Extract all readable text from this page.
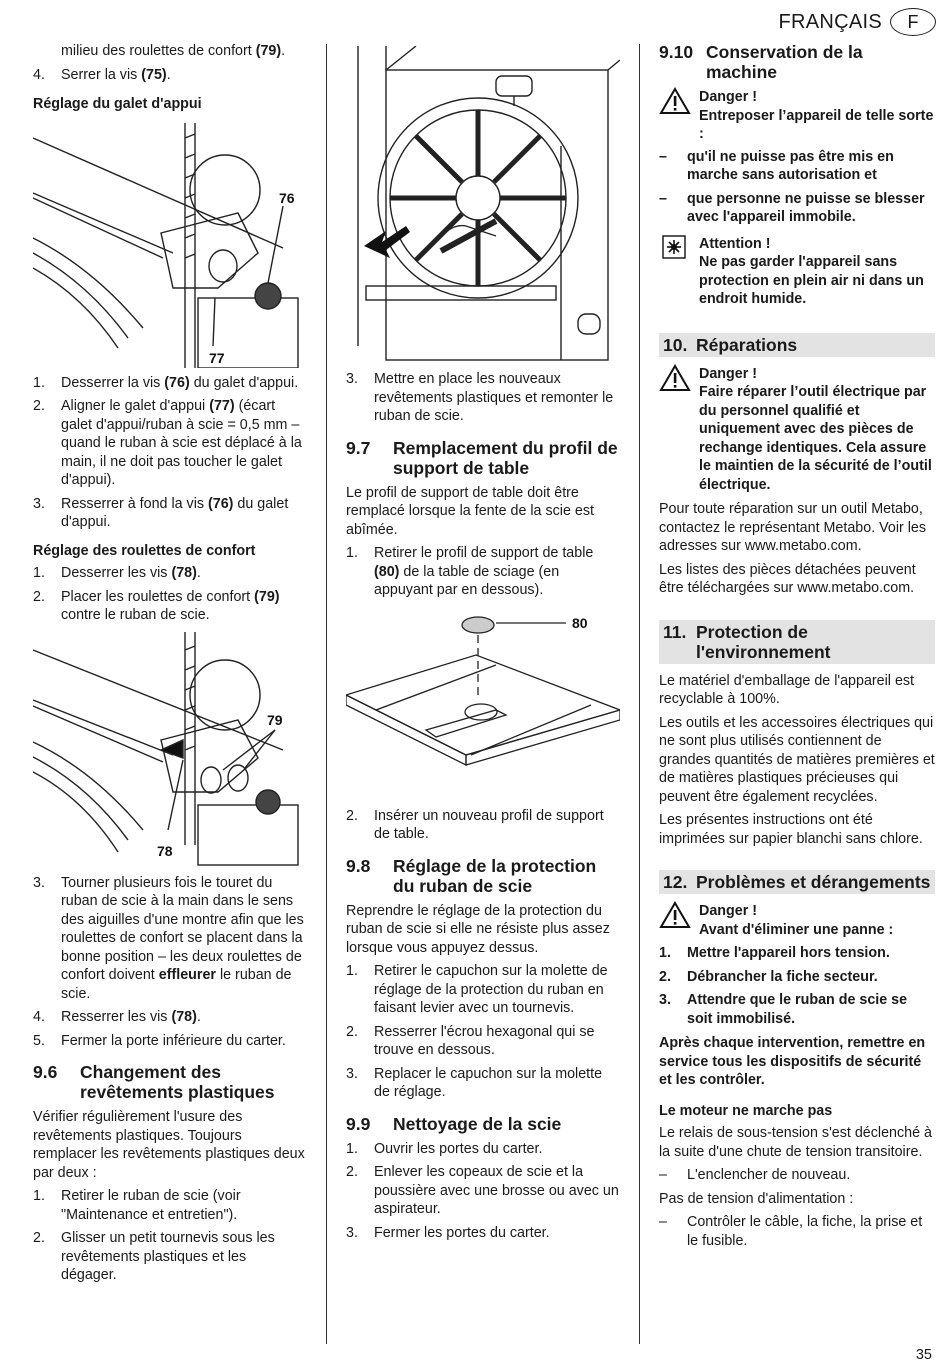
FRANÇAIS	F
milieu des roulettes de confort (79).
4.	Serrer la vis (75).
Réglage du galet d'appui
76
77
1.	Desserrer la vis (76) du galet d'appui.
2.	Aligner le galet d'appui (77) (écart galet d'appui/ruban à scie = 0,5 mm – quand le ruban à scie est déplacé à la main, il ne doit pas toucher le galet d'appui).
3.	Resserrer à fond la vis (76) du galet d'appui.
Réglage des roulettes de confort
1.	Desserrer les vis (78).
2.	Placer les roulettes de confort (79) contre le ruban de scie.
79
78
3.	Tourner plusieurs fois le touret du ruban de scie à la main dans le sens des aiguilles d'une montre afin que les roulettes de confort se placent dans la bonne position – les deux roulettes de confort doivent effleurer le ruban de scie.
4.	Resserrer les vis (78).
5.	Fermer la porte inférieure du carter.
9.6	Changement des revêtements plastiques

Vérifier régulièrement l'usure des revêtements plastiques. Toujours remplacer les revêtements plastiques deux par deux :

1.	Retirer le ruban de scie (voir "Maintenance et entretien").
2.	Glisser un petit tournevis sous les revêtements plastiques et les dégager.
3.	Mettre en place les nouveaux revêtements plastiques et remonter le ruban de scie.
9.7	Remplacement du profil de support de table

Le profil de support de table doit être remplacé lorsque la fente de la scie est abîmée.

1.	Retirer le profil de support de table (80) de la table de sciage (en appuyant par en dessous).
80
2.	Insérer un nouveau profil de support de table.
9.8	Réglage de la protection du ruban de scie

Reprendre le réglage de la protection du ruban de scie si elle ne résiste plus assez lorsque vous appuyez dessus.

1.	Retirer le capuchon sur la molette de réglage de la protection du ruban en faisant levier avec un tournevis.
2.	Resserrer l'écrou hexagonal qui se trouve en dessous.
3.	Replacer le capuchon sur la molette de réglage.
9.9	Nettoyage de la scie
1.	Ouvrir les portes du carter.
2.	Enlever les copeaux de scie et la poussière avec une brosse ou avec un aspirateur.
3.	Fermer les portes du carter.
9.10 Conservation de la machine
Danger !
Entreposer l’appareil de telle sorte :
–	qu'il ne puisse pas être mis en marche sans autorisation et
–	que personne ne puisse se blesser avec l'appareil immobile.
Attention !
Ne pas garder l'appareil sans protection en plein air ni dans un endroit humide.
10. Réparations
Danger !
Faire réparer l’outil électrique par du personnel qualifié et uniquement avec des pièces de rechange identiques. Cela assure le maintien de la sécurité de l’outil électrique.

Pour toute réparation sur un outil Metabo, contactez le représentant Metabo. Voir les adresses sur www.metabo.com.

Les listes des pièces détachées peuvent être téléchargées sur www.metabo.com.

11. Protection de l'environnement

Le matériel d'emballage de l'appareil est recyclable à 100%.

Les outils et les accessoires électriques qui ne sont plus utilisés contiennent de grandes quantités de matières premières et de matières plastiques précieuses qui peuvent être également recyclées.

Les présentes instructions ont été imprimées sur papier blanchi sans chlore.

12. Problèmes et dérangements
Danger !
Avant d'éliminer une panne :
1.	Mettre l'appareil hors tension.
2.	Débrancher la fiche secteur.
3.	Attendre que le ruban de scie se soit immobilisé.

Après chaque intervention, remettre en service tous les dispositifs de sécurité et les contrôler.

Le moteur ne marche pas

Le relais de sous-tension s'est déclenché à la suite d'une chute de tension transitoire.

–	L'enclencher de nouveau.

Pas de tension d'alimentation :

–	Contrôler le câble, la fiche, la prise et le fusible.
35
